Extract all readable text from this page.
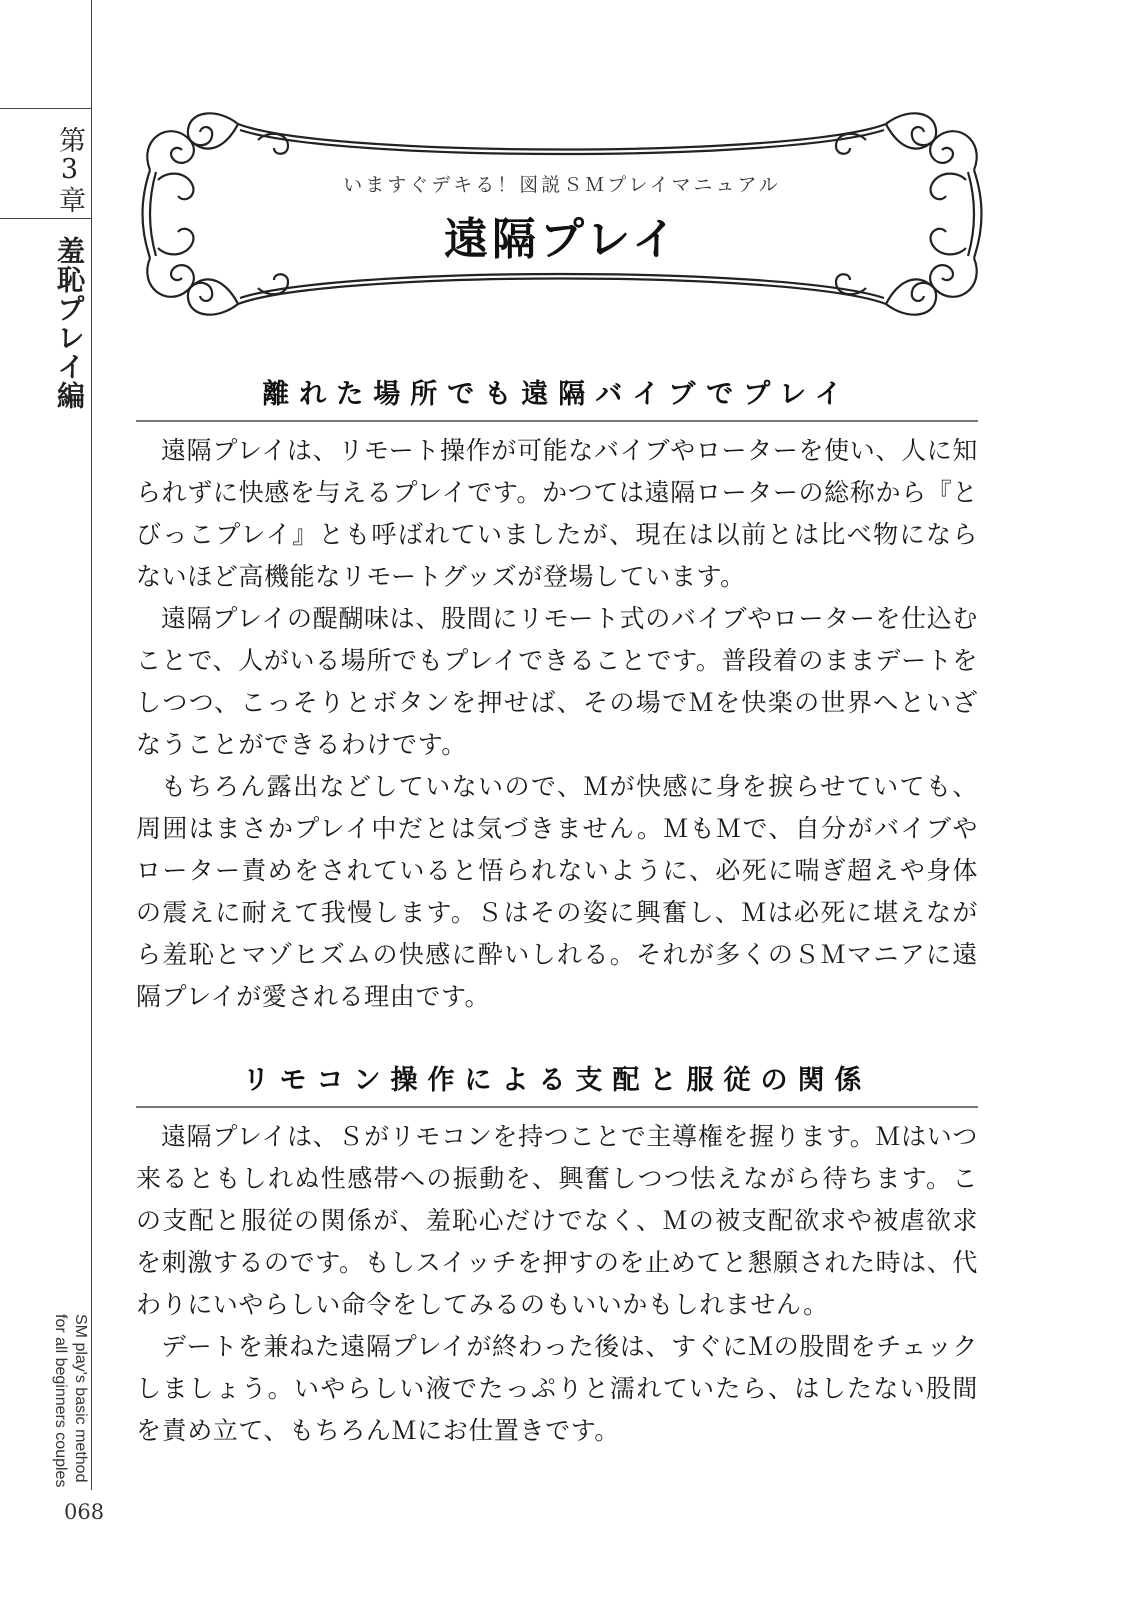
第3章
羞恥プレイ編
SM play's basic method
for all beginners couples
068
いますぐデキる！図説ＳＭプレイマニュアル
遠隔プレイ
離れた場所でも遠隔バイブでプレイ

遠隔プレイは、リモート操作が可能なバイブやローターを使い、人に知られずに快感を与えるプレイです。かつては遠隔ローターの総称から『とびっこプレイ』とも呼ばれていましたが、現在は以前とは比べ物にならないほど高機能なリモートグッズが登場しています。

遠隔プレイの醍醐味は、股間にリモート式のバイブやローターを仕込むことで、人がいる場所でもプレイできることです。普段着のままデートをしつつ、こっそりとボタンを押せば、その場でＭを快楽の世界へといざなうことができるわけです。

もちろん露出などしていないので、Ｍが快感に身を捩らせていても、周囲はまさかプレイ中だとは気づきません。ＭもＭで、自分がバイブやローター責めをされていると悟られないように、必死に喘ぎ超えや身体の震えに耐えて我慢します。Ｓはその姿に興奮し、Ｍは必死に堪えながら羞恥とマゾヒズムの快感に酔いしれる。それが多くのＳＭマニアに遠隔プレイが愛される理由です。

リモコン操作による支配と服従の関係

遠隔プレイは、Ｓがリモコンを持つことで主導権を握ります。Ｍはいつ来るともしれぬ性感帯への振動を、興奮しつつ怯えながら待ちます。この支配と服従の関係が、羞恥心だけでなく、Ｍの被支配欲求や被虐欲求を刺激するのです。もしスイッチを押すのを止めてと懇願された時は、代わりにいやらしい命令をしてみるのもいいかもしれません。

デートを兼ねた遠隔プレイが終わった後は、すぐにＭの股間をチェックしましょう。いやらしい液でたっぷりと濡れていたら、はしたない股間を責め立て、もちろんＭにお仕置きです。
